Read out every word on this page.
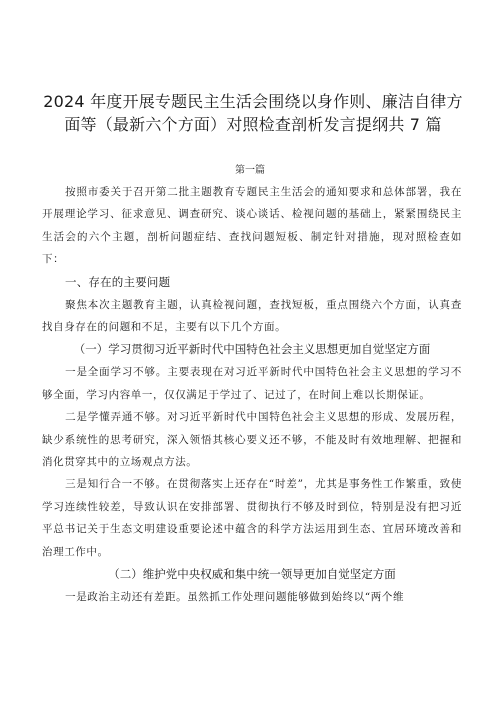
2024 年度开展专题民主生活会围绕以身作则、廉洁自律方面等（最新六个方面）对照检查剖析发言提纲共 7 篇
第一篇

按照市委关于召开第二批主题教育专题民主生活会的通知要求和总体部署，我在开展理论学习、征求意见、调查研究、谈心谈话、检视问题的基础上，紧紧围绕民主生活会的六个主题，剖析问题症结、查找问题短板、制定针对措施，现对照检查如下：

一、存在的主要问题

聚焦本次主题教育主题，认真检视问题，查找短板，重点围绕六个方面，认真查找自身存在的问题和不足，主要有以下几个方面。

（一）学习贯彻习近平新时代中国特色社会主义思想更加自觉坚定方面

一是全面学习不够。主要表现在对习近平新时代中国特色社会主义思想的学习不够全面，学习内容单一，仅仅满足于学过了、记过了，在时间上难以长期保证。

二是学懂弄通不够。对习近平新时代中国特色社会主义思想的形成、发展历程，缺少系统性的思考研究，深入领悟其核心要义还不够，不能及时有效地理解、把握和消化贯穿其中的立场观点方法。

三是知行合一不够。在贯彻落实上还存在“时差”，尤其是事务性工作繁重，致使学习连续性较差，导致认识在安排部署、贯彻执行不够及时到位，特别是没有把习近平总书记关于生态文明建设重要论述中蕴含的科学方法运用到生态、宜居环境改善和治理工作中。

（二）维护党中央权威和集中统一领导更加自觉坚定方面

一是政治主动还有差距。虽然抓工作处理问题能够做到始终以“两个维
